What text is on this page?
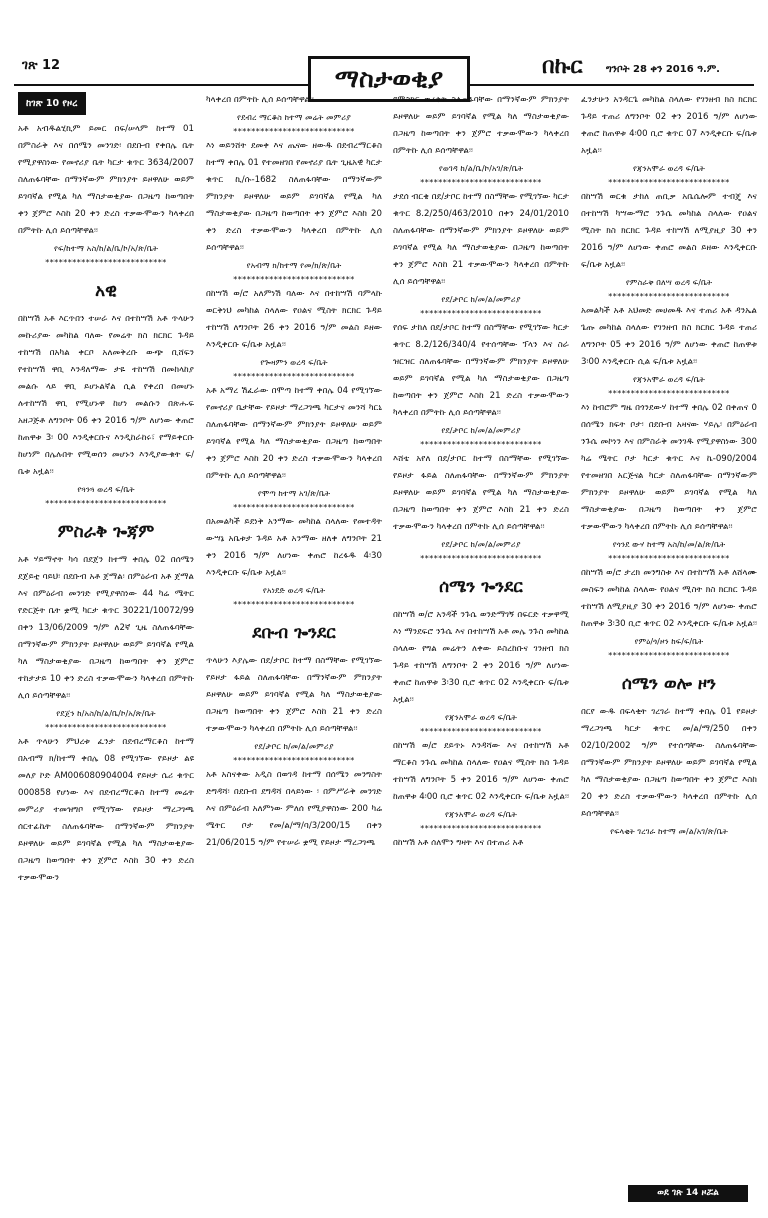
ገጽ 12	ማስታወቂያ	በኩር ግንቦት 28 ቀን 2016 ዓ.ም.
ከገጽ 10 የዞረ
አቶ አብዱልሂኪም ይመር በፍ/ሠላም ከተማ 01 በምስራቅ እና በሰሜን መንገድ፡ በደቡብ የቀበሌ ቤት የሚያዋስነው የመኖሪያ ቤት ካርታ ቁጥር 3634/2007 ስለጠፋባቸው በማንኛውም ምክንያት ይዞዋለሁ ወይም ይገባኛል የሚል ካለ ማስታወቂያው በጋዜጣ ከወጣበት ቀን ጀምሮ እስከ 20 ቀን ድረስ ተቃውሞውን ካላቀረበ በምትኩ ሊሰ ይሰጣቸዋል፡፡
የፍ/ከተማ አስ/ከ/ል/ቤ/ኮ/አ/ጽ/ቤት
***************************
አዊ
በከሣሽ አቶ እርጥበን ተሠራ እና በተከሣሽ አቶ ጥላሁን መኩሪያው መካከል ባለው የመሬት ክስ ክርክር ጉዳይ ተከሣሽ በአካል ቀርቦ አለመቅረቡ ውጭ ቢሸፍን የተከሣሽ ዋቢ እንዳለማው ታዬ ተከሣሽ በመከላከያ መልሱ ላይ ዋቢ ይሆኑልኛል ሲል የቀረበ በመሆኑ ሉተከሣሽ ዋቢ የሚሆኑዋ ከሆነ መልሱን በጽሑፍ አዘጋጅቶ ለግንቦት 06 ቀን 2016 ዓ/ም ለሆነው ቀጠሮ ከጠዋቱ 3፡ 00 እንዲቀርቡና እንዲከራከሩ፣ የማይቀርቡ ከሆነም በሌሉበት የሚወሰን መሆኑን እንዲያውቁት ፍ/ቤቱ አዟል፡፡
የጓንጓ ወረዳ ፍ/ቤት
***************************
ምስራቅ ጐጃም
አቶ ሃይማኖት ካሳ በደጀን ከተማ ቀበሌ 02 በሰሜን ደጀይቲ ባይህ፡ በደቡብ አቶ ጀማል፡ በምዕራብ አቶ ጀማል እና በምዕራብ መንገድ የሚያዋስነው 44 ካሬ ሜትር የድርጅት ቤት ቋሚ ካርታ ቁጥር 30221/10072/99 በቀን 13/06/2009 ዓ/ም ለ2ኛ ጊዜ ስለጠፋባቸው በማንኛውም ምክንያት ይዞዋለሁ ወይም ይገባኛል የሚል ካለ ማስታወቂያው በጋዜጣ ከወጣበት ቀን ጀምሮ ተከታታይ 10 ቀን ድረስ ተቃውሞውን ካላቀረበ በምትኩ ሊሰ ይሰጣቸዋል፡፡
የደጀን ከ/አስ/ከ/ል/ቤ/ኮ/አ/ጽ/ቤት
***************************
አቶ ጥላሁን ምህረቱ ፈንታ በደብረማርቆስ ከተማ በአብማ ክ/ከተማ ቀበሌ 08 የሚገኘው የይዞታ ልዩ መለያ ኮድ AM006080904004 የይዞታ ሴሪ ቁጥር 000858 የሆነው እና በደብረማርቆስ ከተማ መሬት መምሪያ ተመዝግቦ የሚገኘው የይዞታ ማረጋገጫ ሰርተፊኬት ስለጠፋባቸው በማንኛውም ምክንያት ይዞዋለሁ ወይም ይገባኛል የሚል ካለ ማስታወቂያው በጋዜጣ ከወጣበት ቀን ጀምሮ እስከ 30 ቀን ድረስ ተቃውሞውን
ካላቀረበ በምትኩ ሊሰ ይሰጣቸዋል፡፡
የደብረ ማርቆስ ከተማ መሬት መምሪያ
***************************
እነ ወይንሸት ደመቀ እና ጤናው ዘውዱ በደብረማርቆስ ከተማ ቀበሌ 01 የተመዘገበ የመኖሪያ ቤት ጊዜአዊ ካርታ ቁጥር ኪ/ሱ-1682 ስለጠፋባቸው በማንኛውም ምክንያት ይዞዋለሁ ወይም ይገባኛል የሚል ካለ ማስታወቂያው በጋዜጣ ከወጣበት ቀን ጀምሮ እስከ 20 ቀን ድረስ ተቃውሞውን ካላቀረበ በምትኩ ሊሰ ይሰጣቸዋል፡፡
የአብማ ክ/ከተማ የመ/ክ/ጽ/ቤት
***************************
በከሣሽ ወ/ሮ አለምነሽ ባለው እና በተከሣሽ ባምላኩ ወርቅነህ መካከል ስላለው የዐልና ሚስት ክርክር ጉዳይ ተከሣሽ ለግንቦት 26 ቀን 2016 ዓ/ም መልስ ይዘው እንዲቀርቡ ፍ/ቤቱ አዟል፡፡
የጐዛምን ወረዳ ፍ/ቤት
***************************
አቶ አማረ ሽፈራው በሞጣ ከተማ ቀበሌ 04 የሚገኘው የመኖሪያ ቤታቸው የይዞታ ማረጋገጫ ካርታና መንሻ ካርኒ ስለጠፋባቸው በማንኛውም ምክንያት ይዞዋለሁ ወይም ይገባኛል የሚል ካለ ማስታወቂያው በጋዜጣ ከወጣበት ቀን ጀምሮ እስከ 20 ቀን ድረስ ተቃውሞውን ካላቀረበ በምትኩ ሊሰ ይሰጣቸዋል፡፡
የሞጣ ከተማ አገ/ጽ/ቤት
***************************
በአመልካች ይደነቅ አንማው መካከል ስላለው የመተዳት ውሣኔ አቤቱታ ጉዳይ አቶ አንማው ዘለቀ ለግንቦት 21 ቀን 2016 ዓ/ም ለሆነው ቀጠሮ ከረፋዱ 4፡30 እንዲቀርቡ ፍ/ቤቱ አዟል፡፡
የአነደድ ወረዳ ፍ/ቤት
***************************
ደቡብ ጐንደር
ጥላሁን እያሌው በደ/ታቦር ከተማ በስማቸው የሚገኘው የይዞታ ፋይል ስለጠፋባቸው በማንኛውም ምክንያት ይዞዋለሁ ወይም ይገባኛል የሚል ካለ ማስታወቂያው በጋዜጣ ከወጣበት ቀን ጀምሮ እስከ 21 ቀን ድረስ ተቃውሞውን ካላቀረበ በምትኩ ሊሰ ይሰጣቸዋል፡፡
የደ/ታቦር ከ/መ/ል/መምሪያ
***************************
አቶ አስናቀው አዲስ በወገዳ ከተማ በሰሜን መንግስት ድግዳሻ፡ በደቡብ ደግዳሻ በላይነው ፡ በምሥራቅ መንገድ እና በምዕራብ አለምነው ምለሰ የሚያዋስነው 200 ካሬ ሜትር ቦታ የመ/ል/ማ/ባ/3/200/15 በቀን 21/06/2015 ዓ/ም የተሠራ ቋሚ የይዞታ ማረጋገጫ
የምስክር ወረቀት ስለጠፋባቸው በማንኛውም ምክንያት ይዞዋለሁ ወይም ይገባኛል የሚል ካለ ማስታወቂያው በጋዜጣ ከወጣበት ቀን ጀምሮ ተቃውሞውን ካላቀረበ በምትኩ ሊሰ ይሰጣቸዋል፡፡
የወገዳ ከ/ል/ቤ/ኮ/አገ/ጽ/ቤት
***************************
ታደሰ ብርቄ በደ/ታቦር ከተማ በስማቸው የሚገኘው ካርታ ቁጥር 8.2/250/463/2010 በቀን 24/01/2010 ስለጠፋባቸው በማንኛውም ምክንያት ይዞዋለሁ ወይም ይገባኛል የሚል ካለ ማስታወቂያው በጋዜጣ ከወጣበት ቀን ጀምሮ እስከ 21 ተቃውሞውን ካላቀረበ በምትኩ ሊሰ ይሰጣቸዋል፡፡
የደ/ታቦር ከ/መ/ል/መምሪያ
***************************
የሰፍ ታከለ በደ/ታቦር ከተማ በስማቸው የሚገኘው ካርታ ቁጥር 8.2/126/340/4 የተሰጣቸው ፕላን እና ስራ ዝርዝር ስለጠፋባቸው በማንኛውም ምክንያት ይዞዋለሁ ወይም ይገባኛል የሚል ካለ ማስታወቂያው በጋዜጣ ከወጣበት ቀን ጀምሮ እስከ 21 ድረስ ተቃውሞውን ካላቀረበ በምትኩ ሊሰ ይሰጣቸዋል፡፡
የደ/ታቦር ከ/መ/ል/መምሪያ
***************************
እሸቴ አየለ በደ/ታቦር ከተማ በስማቸው የሚገኘው የይዞታ ፋይል ስለጠፋባቸው በማንኛውም ምክንያት ይዞዋለሁ ወይም ይገባኛል የሚል ካለ ማስታወቂያው በጋዜጣ ከወጣበት ቀን ጀምሮ እስከ 21 ቀን ድረስ ተቃውሞውን ካላቀረበ በምትኩ ሊሰ ይሰጣቸዋል፡፡
የደ/ታቦር ከ/መ/ል/መምሪያ
***************************
ሰሜን ጐንደር
በከሣሽ ወ/ሮ አንዳች ንጉሴ ወንድማገኝ በፍርድ ተቃዋሚ እነ ማንደፍሮ ንጉሴ እና በተከሣሽ አቶ መሌ ንጉስ መካከል ስላለው የግል መሬትን ለቀው ይስረከቡና ገንዘብ ክስ ጉዳይ ተከሣሽ ለግንቦት 2 ቀን 2016 ዓ/ም ለሆነው ቀጠሮ ከጠዋቱ 3፡30 ቢሮ ቁጥር 02 እንዲቀርቡ ፍ/ቤቱ አዟል፡፡
የጃንአሞራ ወረዳ ፍ/ቤት
***************************
በከሣሽ ወ/ሮ ደይጥኑ እንዳሻው እና በተከሣሽ አቶ ማርቆስ ንጉሴ መካከል ስላለው የዐልና ሚስት ክስ ጉዳይ ተከሣሽ ለግንቦት 5 ቀን 2016 ዓ/ም ለሆነው ቀጠሮ ከጠዋቱ 4፡00 ቢሮ ቁጥር 02 እንዲቀርቡ ፍ/ቤቱ አዟል፡፡
የጃንአሞራ ወረዳ ፍ/ቤት
***************************
በከሣሽ አቶ ሰለሞን ግዛት እና በተጠሪ አቶ
ፈንታሁን አንዳርጌ መካከል ስላለው የገንዘብ ክስ ክርክር ጉዳይ ተጠሪ ለግንቦት 02 ቀን 2016 ዓ/ም ለሆነው ቀጠሮ ከጠዋቱ 4፡00 ቢሮ ቁጥር 07 እንዲቀርቡ ፍ/ቤቱ አዟል፡፡
የጃንአሞራ ወረዳ ፍ/ቤት
***************************
በከሣሽ ወርቁ ታከለ ጠቢቃ አቤሴሎም ተብጄ እና በተከሣሽ ካሣውማሮ ንጉሴ መካከል ስላለው የዐልና ሚስት ክስ ክርክር ጉዳይ ተከሣሽ ለሚያዚያ 30 ቀን 2016 ዓ/ም ለሆነው ቀጠሮ መልስ ይዘው እንዲቀርቡ ፍ/ቤቱ አዟል፡፡
የምስራቅ በለሣ ወረዳ ፍ/ቤት
***************************
አመልካች አቶ አህመድ መሀመዱ እና ተጠሪ አቶ ዳንኤል ጌጡ መካከል ስላለው የገንዘብ ክስ ክርክር ጉዳይ ተጠሪ ለግንቦት 05 ቀን 2016 ዓ/ም ለሆነው ቀጠሮ ከጠዋቱ 3፡00 እንዲቀርቡ ሲል ፍ/ቤቱ አዟል፡፡
የጃንአሞራ ወረዳ ፍ/ቤት
***************************
እነ ከብሮም ግዜ በጎንደውሃ ከተማ ቀበሌ 02 በቀጠና 0 በሰሜን ክፍት ቦታ፡ በደቡብ አዛናው ሃይሌ፡ በምዕራብ ንጉሴ መኮነን እና በምስራቅ መንገዱ የሚያዋስነው 300 ካሬ ሜትር ቦታ ካርታ ቁጥር እና ኬ-090/2004 የተመዘገበ አርጅናል ካርታ ስለጠፋባቸው በማንኛውም ምክንያት ይዞዋለሁ ወይም ይገባኛል የሚል ካለ ማስታወቂያው በጋዜጣ ከወጣበት ቀን ጀምሮ ተቃውሞውን ካላቀረበ በምትኩ ሊሰ ይሰጣቸዋል፡፡
የጎንደ ውሃ ከተማ አስ/ከ/መ/ል/ጽ/ቤት
***************************
በከሣሽ ወ/ሮ ታረክ መንግስቱ እና በተከሣሽ አቶ ለሸላሙ መስፍን መካከል ስላለው የዐልና ሚስት ክስ ክርክር ጉዳይ ተከሣሽ ለሚያዚያ 30 ቀን 2016 ዓ/ም ለሆነው ቀጠሮ ከጠዋቱ 3፡30 ቢሮ ቁጥር 02 እንዲቀርቡ ፍ/ቤቱ አዟል፡፡
የምዕ/ጎ/ዞን ከፍ/ፍ/ቤት
***************************
ሰሜን ወሎ ዞን
በርየ ውዱ በፍላቂት ገረገራ ከተማ ቀበሌ 01 የይዞታ ማረጋገጫ ካርታ ቁጥር መ/ል/ማ/250 በቀን 02/10/2002 ዓ/ም የተሰጣቸው ስለጠፋባቸው በማንኛውም ምክንያት ይዞዋለሁ ወይም ይገባኛል የሚል ካለ ማስታወቂያው በጋዜጣ ከወጣበት ቀን ጀምሮ እስከ 20 ቀን ድረስ ተቃውሞውን ካላቀረበ በምትኩ ሊሰ ይሰጣቸዋል፡፡
የፍላቂት ገረገራ ከተማ መ/ል/አገ/ጽ/ቤት
ወደ ገጽ 14 ዞሯል
